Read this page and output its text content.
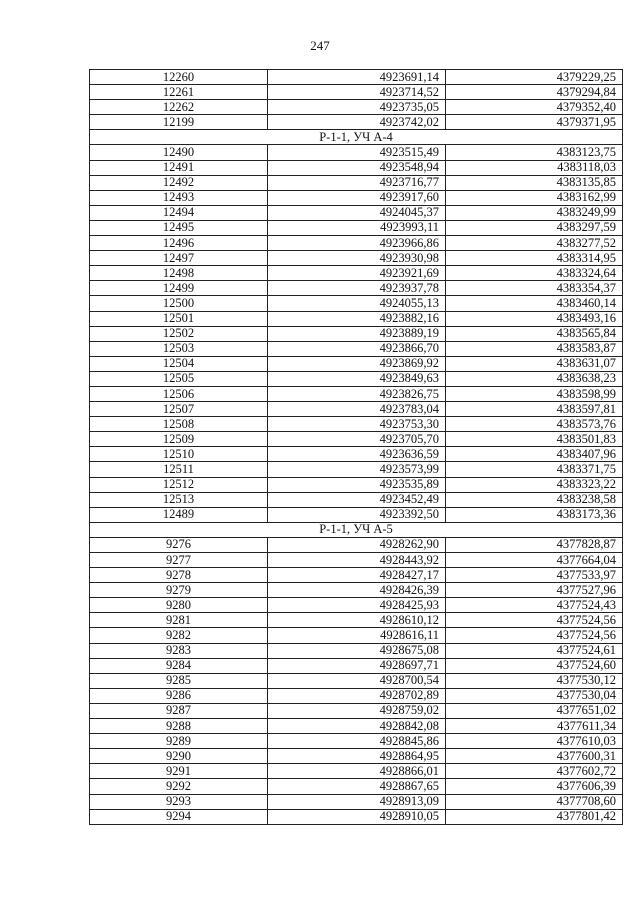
247
12260	4923691,14	4379229,25
12261	4923714,52	4379294,84
12262	4923735,05	4379352,40
12199	4923742,02	4379371,95
Р-1-1, УЧ А-4		
12490	4923515,49	4383123,75
12491	4923548,94	4383118,03
12492	4923716,77	4383135,85
12493	4923917,60	4383162,99
12494	4924045,37	4383249,99
12495	4923993,11	4383297,59
12496	4923966,86	4383277,52
12497	4923930,98	4383314,95
12498	4923921,69	4383324,64
12499	4923937,78	4383354,37
12500	4924055,13	4383460,14
12501	4923882,16	4383493,16
12502	4923889,19	4383565,84
12503	4923866,70	4383583,87
12504	4923869,92	4383631,07
12505	4923849,63	4383638,23
12506	4923826,75	4383598,99
12507	4923783,04	4383597,81
12508	4923753,30	4383573,76
12509	4923705,70	4383501,83
12510	4923636,59	4383407,96
12511	4923573,99	4383371,75
12512	4923535,89	4383323,22
12513	4923452,49	4383238,58
12489	4923392,50	4383173,36
Р-1-1, УЧ А-5		
9276	4928262,90	4377828,87
9277	4928443,92	4377664,04
9278	4928427,17	4377533,97
9279	4928426,39	4377527,96
9280	4928425,93	4377524,43
9281	4928610,12	4377524,56
9282	4928616,11	4377524,56
9283	4928675,08	4377524,61
9284	4928697,71	4377524,60
9285	4928700,54	4377530,12
9286	4928702,89	4377530,04
9287	4928759,02	4377651,02
9288	4928842,08	4377611,34
9289	4928845,86	4377610,03
9290	4928864,95	4377600,31
9291	4928866,01	4377602,72
9292	4928867,65	4377606,39
9293	4928913,09	4377708,60
9294	4928910,05	4377801,42
